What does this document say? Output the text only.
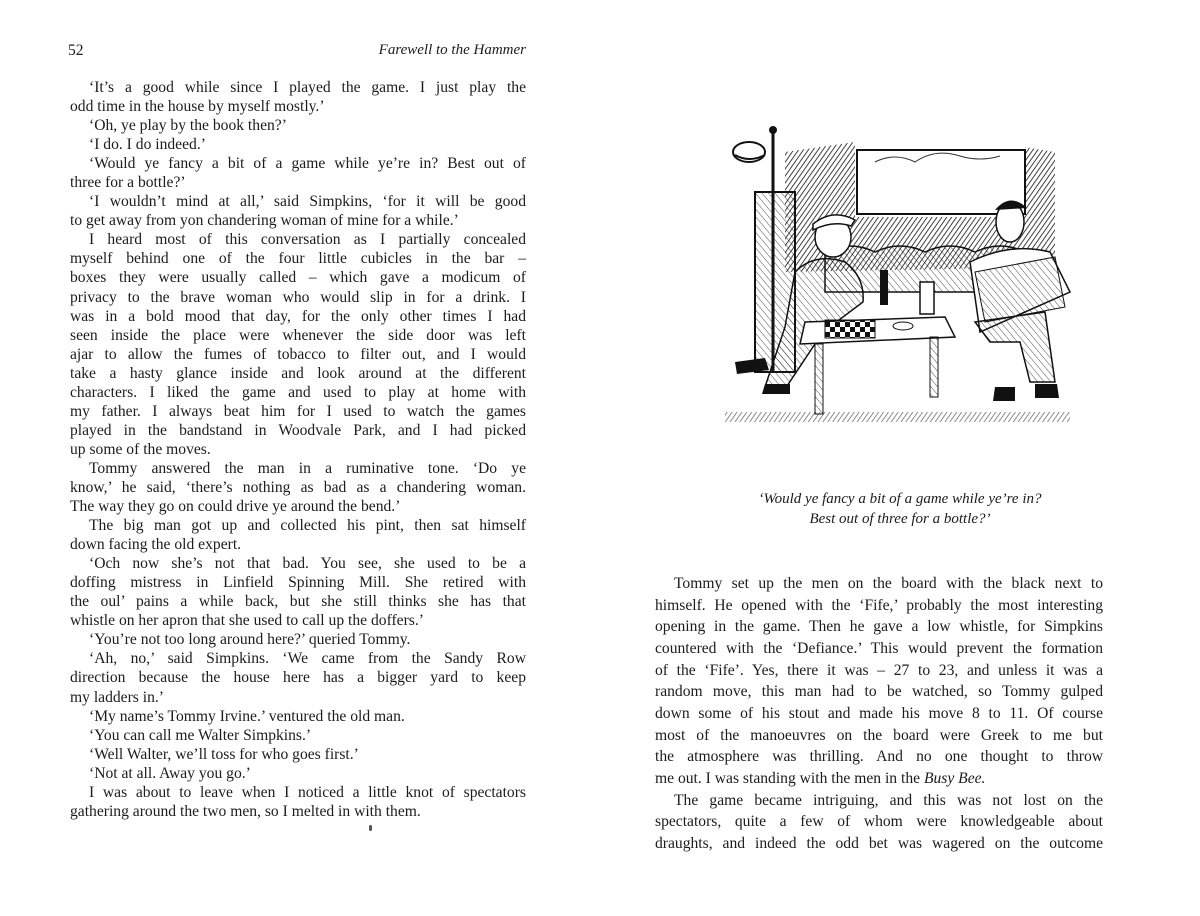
52	Farewell to the Hammer
‘It’s a good while since I played the game. I just play the
odd time in the house by myself mostly.’
‘Oh, ye play by the book then?’
‘I do. I do indeed.’
‘Would ye fancy a bit of a game while ye’re in? Best out of
three for a bottle?’
‘I wouldn’t mind at all,’ said Simpkins, ‘for it will be good
to get away from yon chandering woman of mine for a while.’
I heard most of this conversation as I partially concealed
myself behind one of the four little cubicles in the bar –
boxes they were usually called – which gave a modicum of
privacy to the brave woman who would slip in for a drink. I
was in a bold mood that day, for the only other times I had
seen inside the place were whenever the side door was left
ajar to allow the fumes of tobacco to filter out, and I would
take a hasty glance inside and look around at the different
characters. I liked the game and used to play at home with
my father. I always beat him for I used to watch the games
played in the bandstand in Woodvale Park, and I had picked
up some of the moves.
Tommy answered the man in a ruminative tone. ‘Do ye
know,’ he said, ‘there’s nothing as bad as a chandering woman.
The way they go on could drive ye around the bend.’
The big man got up and collected his pint, then sat himself
down facing the old expert.
‘Och now she’s not that bad. You see, she used to be a
doffing mistress in Linfield Spinning Mill. She retired with
the oul’ pains a while back, but she still thinks she has that
whistle on her apron that she used to call up the doffers.’
‘You’re not too long around here?’ queried Tommy.
‘Ah, no,’ said Simpkins. ‘We came from the Sandy Row
direction because the house here has a bigger yard to keep
my ladders in.’
‘My name’s Tommy Irvine.’ ventured the old man.
‘You can call me Walter Simpkins.’
‘Well Walter, we’ll toss for who goes first.’
‘Not at all. Away you go.’
I was about to leave when I noticed a little knot of spectators
gathering around the two men, so I melted in with them.
‘Would ye fancy a bit of a game while ye’re in?
Best out of three for a bottle?’
Tommy set up the men on the board with the black next to
himself. He opened with the ‘Fife,’ probably the most interesting
opening in the game. Then he gave a low whistle, for Simpkins
countered with the ‘Defiance.’ This would prevent the formation
of the ‘Fife’. Yes, there it was – 27 to 23, and unless it was a
random move, this man had to be watched, so Tommy gulped
down some of his stout and made his move 8 to 11. Of course
most of the manoeuvres on the board were Greek to me but
the atmosphere was thrilling. And no one thought to throw
me out. I was standing with the men in the Busy Bee.
The game became intriguing, and this was not lost on the
spectators, quite a few of whom were knowledgeable about
draughts, and indeed the odd bet was wagered on the outcome
